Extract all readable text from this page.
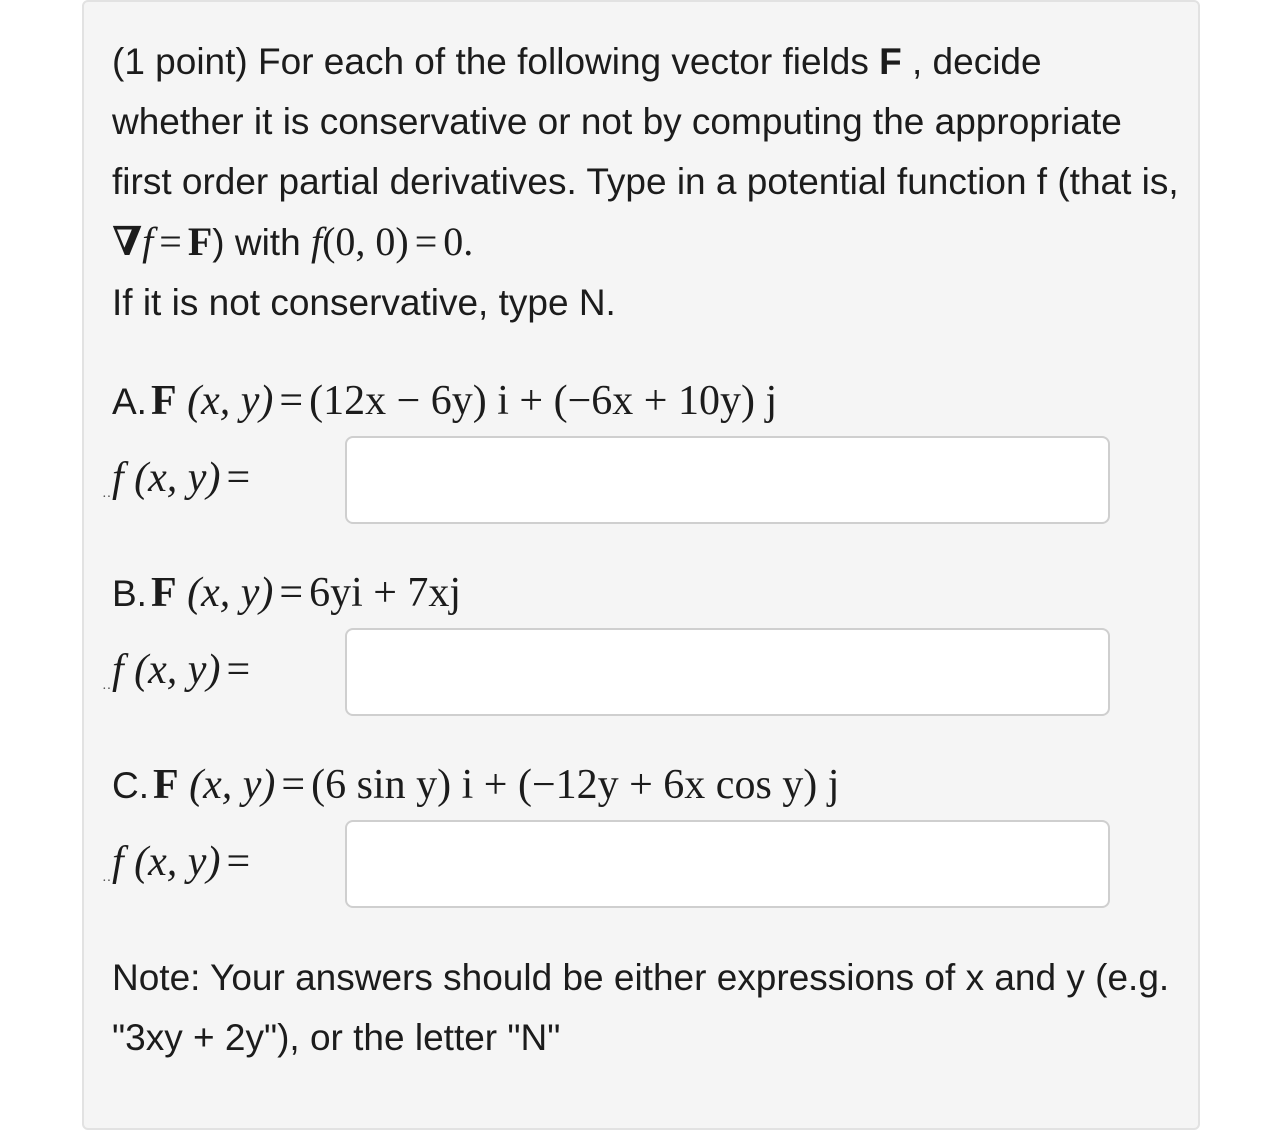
(1 point) For each of the following vector fields F , decide whether it is conservative or not by computing the appropriate first order partial derivatives. Type in a potential function f (that is, ∇f = F) with f(0, 0) = 0.
If it is not conservative, type N.
A. F (x, y) = (12x − 6y) i + (−6x + 10y) j
·· f (x, y) =
B. F (x, y) = 6yi + 7xj
·· f (x, y) =
C. F (x, y) = (6 sin y) i + (−12y + 6x cos y) j
·· f (x, y) =
Note: Your answers should be either expressions of x and y (e.g. "3xy + 2y"), or the letter "N"
